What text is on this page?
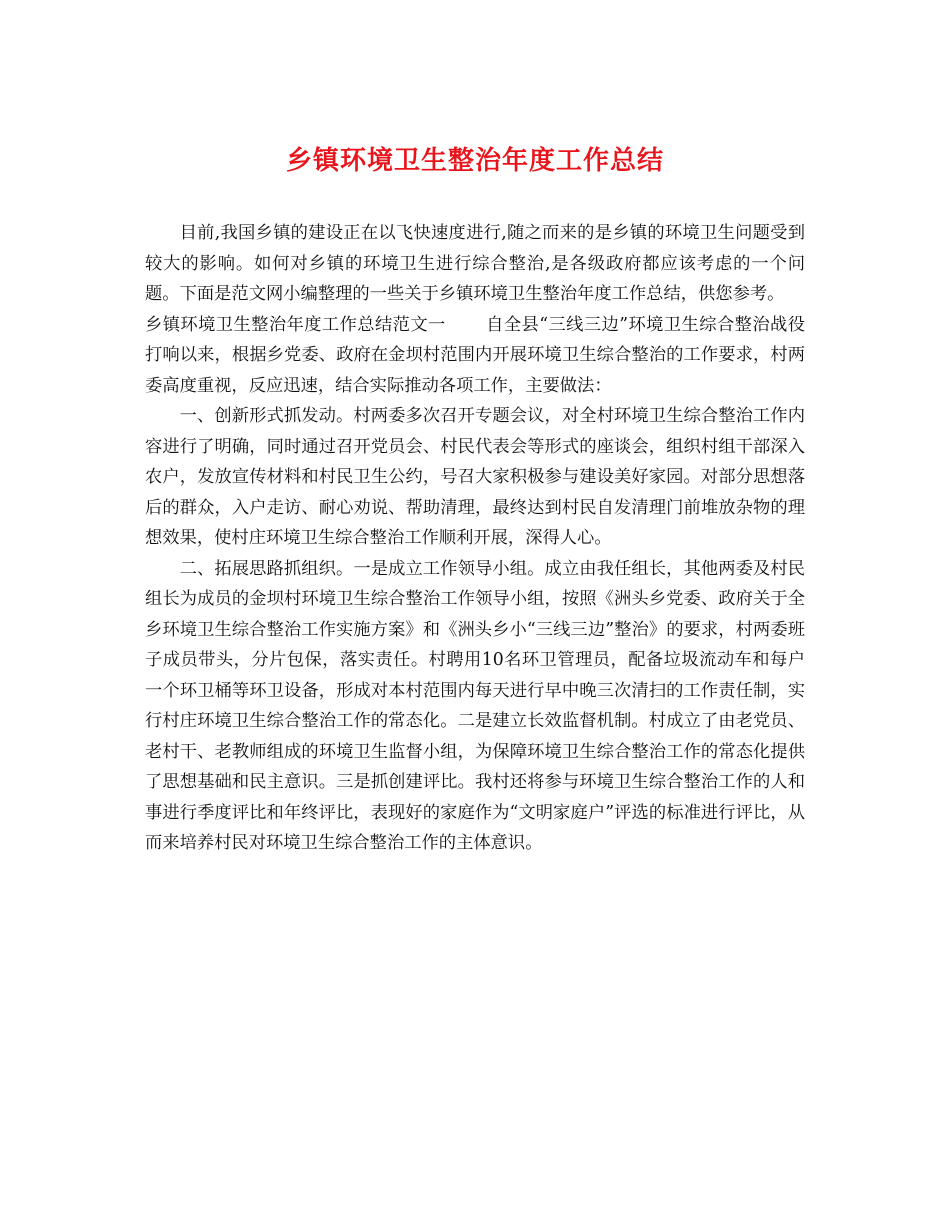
乡镇环境卫生整治年度工作总结

目前,我国乡镇的建设正在以飞快速度进行,随之而来的是乡镇的环境卫生问题受到较大的影响。如何对乡镇的环境卫生进行综合整治,是各级政府都应该考虑的一个问题。下面是范文网小编整理的一些关于乡镇环境卫生整治年度工作总结，供您参考。

乡镇环境卫生整治年度工作总结范文一 自全县“三线三边”环境卫生综合整治战役打响以来，根据乡党委、政府在金坝村范围内开展环境卫生综合整治的工作要求，村两委高度重视，反应迅速，结合实际推动各项工作，主要做法：

一、创新形式抓发动。村两委多次召开专题会议，对全村环境卫生综合整治工作内容进行了明确，同时通过召开党员会、村民代表会等形式的座谈会，组织村组干部深入农户，发放宣传材料和村民卫生公约，号召大家积极参与建设美好家园。对部分思想落后的群众，入户走访、耐心劝说、帮助清理，最终达到村民自发清理门前堆放杂物的理想效果，使村庄环境卫生综合整治工作顺利开展，深得人心。

二、拓展思路抓组织。一是成立工作领导小组。成立由我任组长，其他两委及村民组长为成员的金坝村环境卫生综合整治工作领导小组，按照《洲头乡党委、政府关于全乡环境卫生综合整治工作实施方案》和《洲头乡小“三线三边”整治》的要求，村两委班子成员带头，分片包保，落实责任。村聘用10名环卫管理员，配备垃圾流动车和每户一个环卫桶等环卫设备，形成对本村范围内每天进行早中晚三次清扫的工作责任制，实行村庄环境卫生综合整治工作的常态化。二是建立长效监督机制。村成立了由老党员、老村干、老教师组成的环境卫生监督小组，为保障环境卫生综合整治工作的常态化提供了思想基础和民主意识。三是抓创建评比。我村还将参与环境卫生综合整治工作的人和事进行季度评比和年终评比，表现好的家庭作为“文明家庭户”评选的标准进行评比，从而来培养村民对环境卫生综合整治工作的主体意识。
